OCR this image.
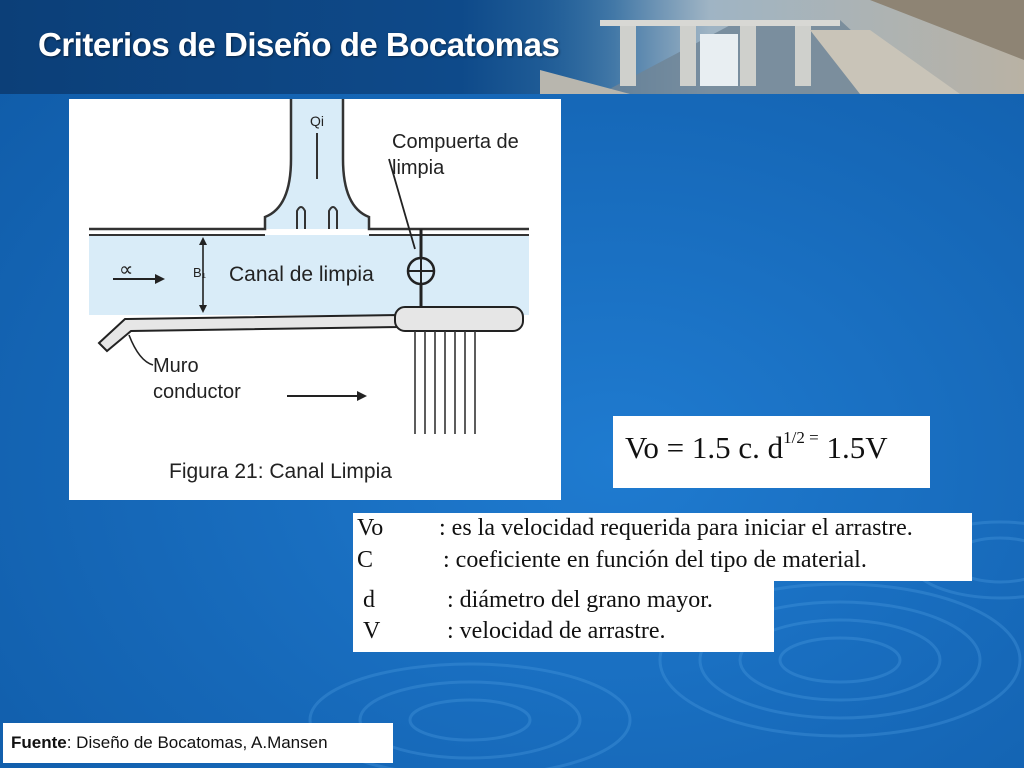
Criterios de Diseño de Bocatomas
Qi
Compuerta de
limpia
∝	B₁ Canal de limpia
Muro
conductor
Figura 21: Canal Limpia
Vo = 1.5 c. $d^{1/2 =}$ 1.5V
Vo : es la velocidad requerida para iniciar el arrastre.
C	: coeficiente en función del tipo de material.
d	: diámetro del grano mayor.
V	: velocidad de arrastre.
Fuente: Diseño de Bocatomas, A.Mansen
